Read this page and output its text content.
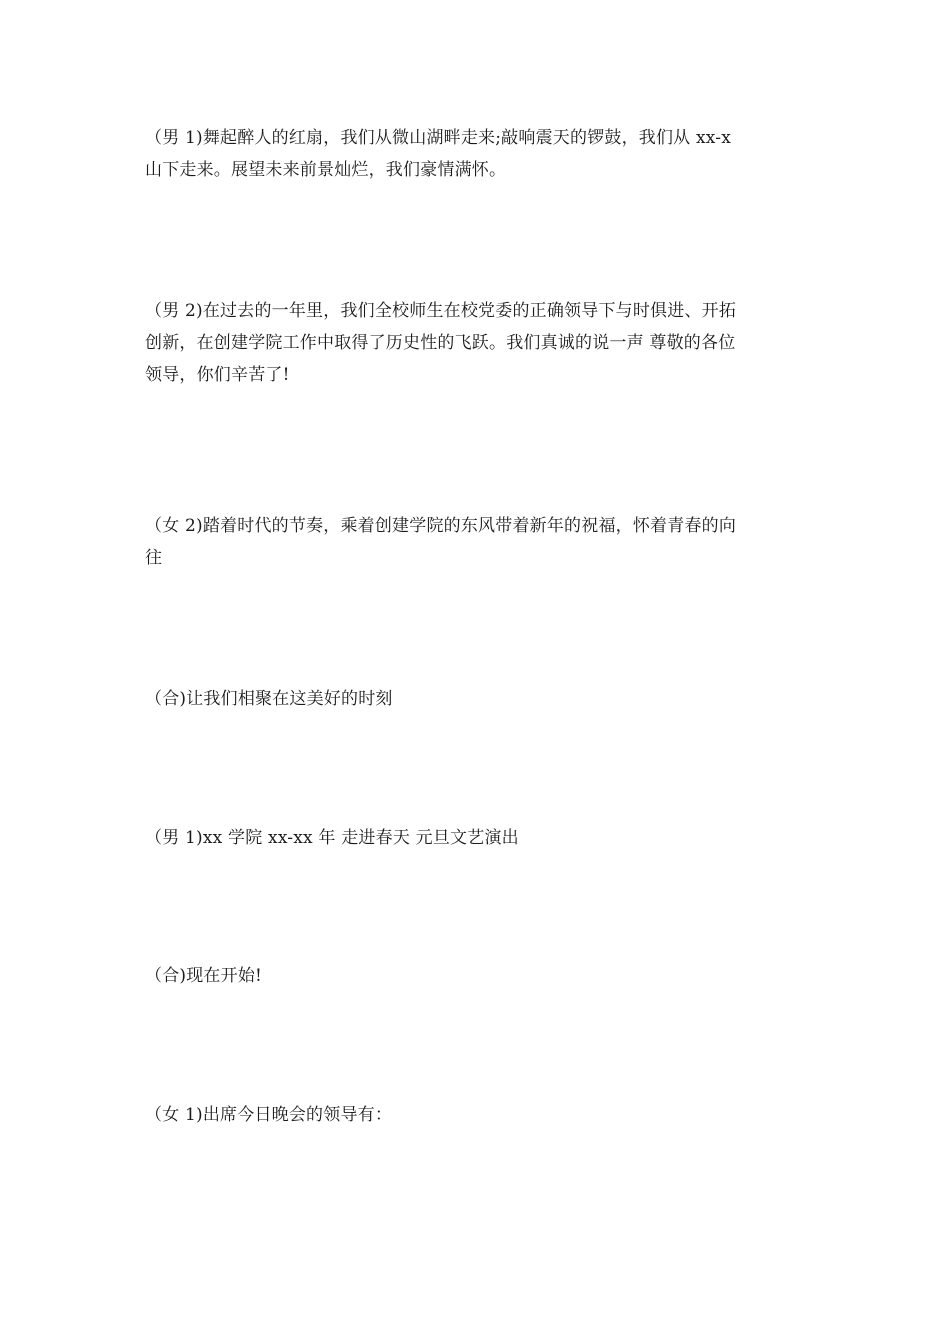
（男 1)舞起醉人的红扇，我们从微山湖畔走来;敲响震天的锣鼓，我们从 xx-x
山下走来。展望未来前景灿烂，我们豪情满怀。

（男 2)在过去的一年里，我们全校师生在校党委的正确领导下与时俱进、开拓
创新，在创建学院工作中取得了历史性的飞跃。我们真诚的说一声 尊敬的各位
领导，你们辛苦了!

（女 2)踏着时代的节奏，乘着创建学院的东风带着新年的祝福，怀着青春的向
往

（合)让我们相聚在这美好的时刻

（男 1)xx 学院 xx-xx 年 走进春天 元旦文艺演出

（合)现在开始!

（女 1)出席今日晚会的领导有：
